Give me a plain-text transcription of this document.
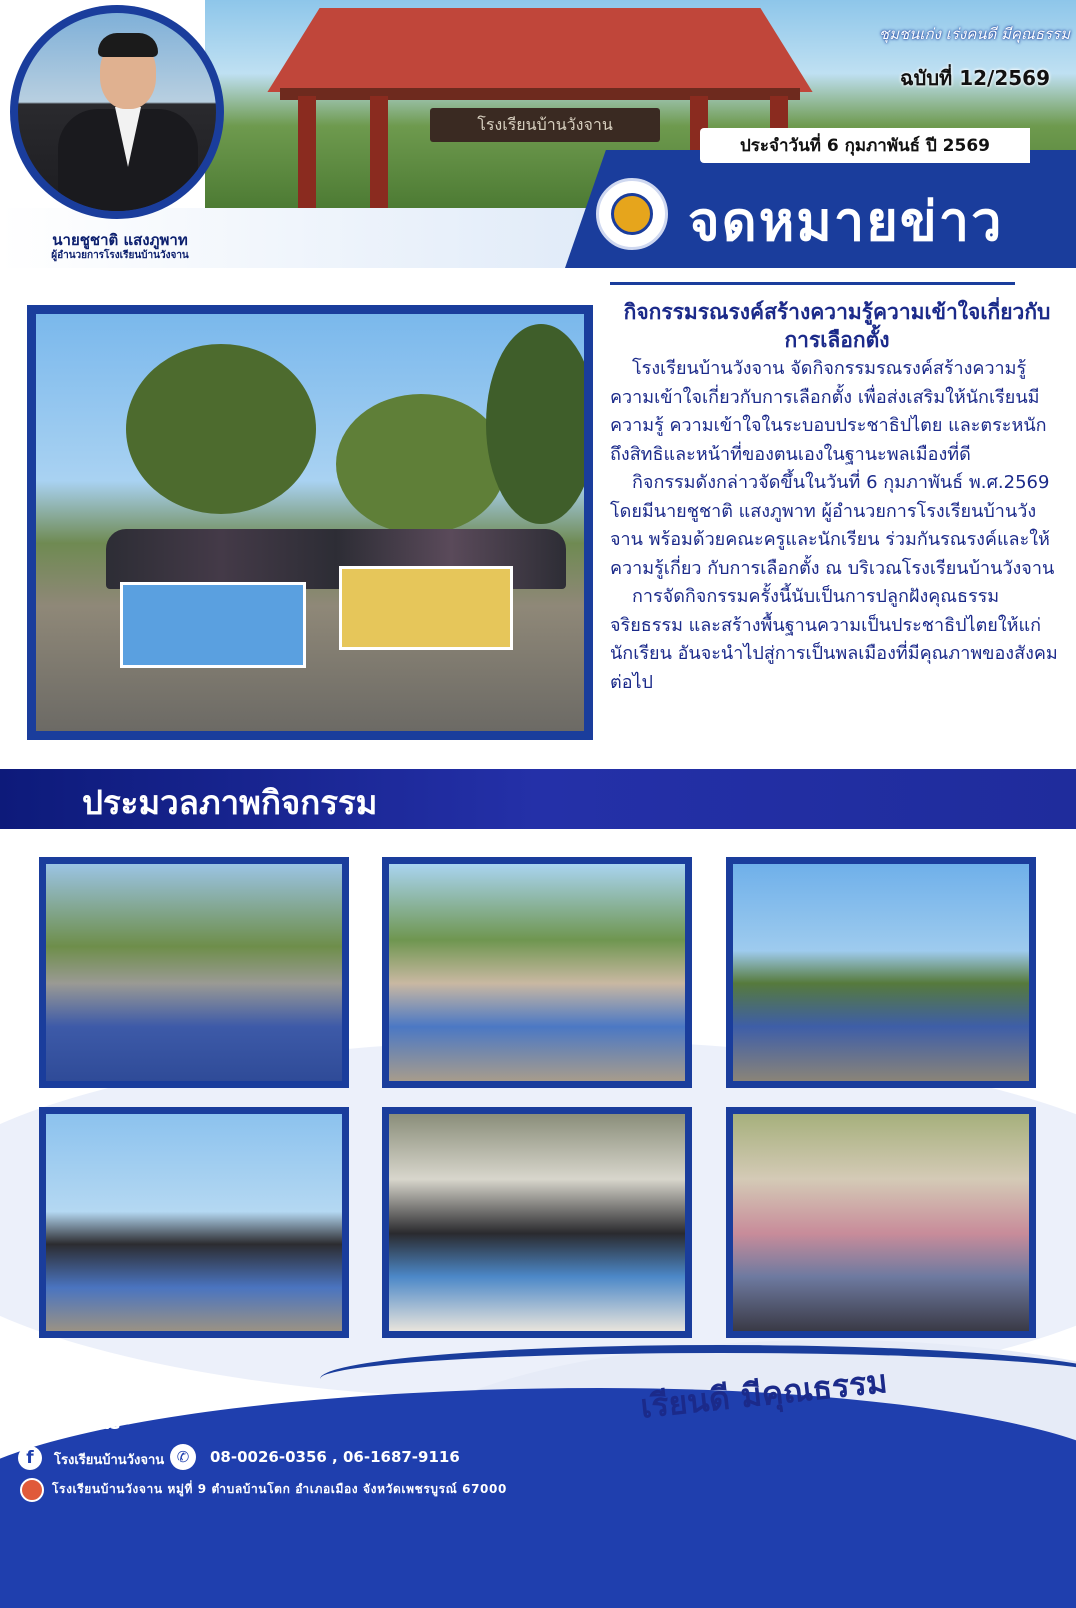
โรงเรียนบ้านวังจาน
นายชูชาติ แสงภูพาท
ผู้อำนวยการโรงเรียนบ้านวังจาน
ชุมชนเก่ง เร่งคนดี มีคุณธรรม
ฉบับที่ 12/2569
ประจำวันที่ 6 กุมภาพันธ์ ปี 2569
จดหมายข่าว
กิจกรรมรณรงค์สร้างความรู้ความเข้าใจเกี่ยวกับการเลือกตั้ง

โรงเรียนบ้านวังจาน จัดกิจกรรมรณรงค์สร้างความรู้ความเข้าใจเกี่ยวกับการเลือกตั้ง เพื่อส่งเสริมให้นักเรียนมีความรู้ ความเข้าใจในระบอบประชาธิปไตย และตระหนักถึงสิทธิและหน้าที่ของตนเองในฐานะพลเมืองที่ดี

กิจกรรมดังกล่าวจัดขึ้นในวันที่ 6 กุมภาพันธ์ พ.ศ.2569 โดยมีนายชูชาติ แสงภูพาท ผู้อำนวยการโรงเรียนบ้านวังจาน พร้อมด้วยคณะครูและนักเรียน ร่วมกันรณรงค์และให้ความรู้เกี่ยว กับการเลือกตั้ง ณ บริเวณโรงเรียนบ้านวังจาน

การจัดกิจกรรมครั้งนี้นับเป็นการปลูกฝังคุณธรรม จริยธรรม และสร้างพื้นฐานความเป็นประชาธิปไตยให้แก่นักเรียน อันจะนำไปสู่การเป็นพลเมืองที่มีคุณภาพของสังคมต่อไป

ประมวลภาพกิจกรรม
เรียนดี มีคุณธรรม
Contact us
f	โรงเรียนบ้านวังจาน ✆	08-0026-0356 , 06-1687-9116
โรงเรียนบ้านวังจาน หมู่ที่ 9 ตำบลบ้านโตก อำเภอเมือง จังหวัดเพชรบูรณ์ 67000
